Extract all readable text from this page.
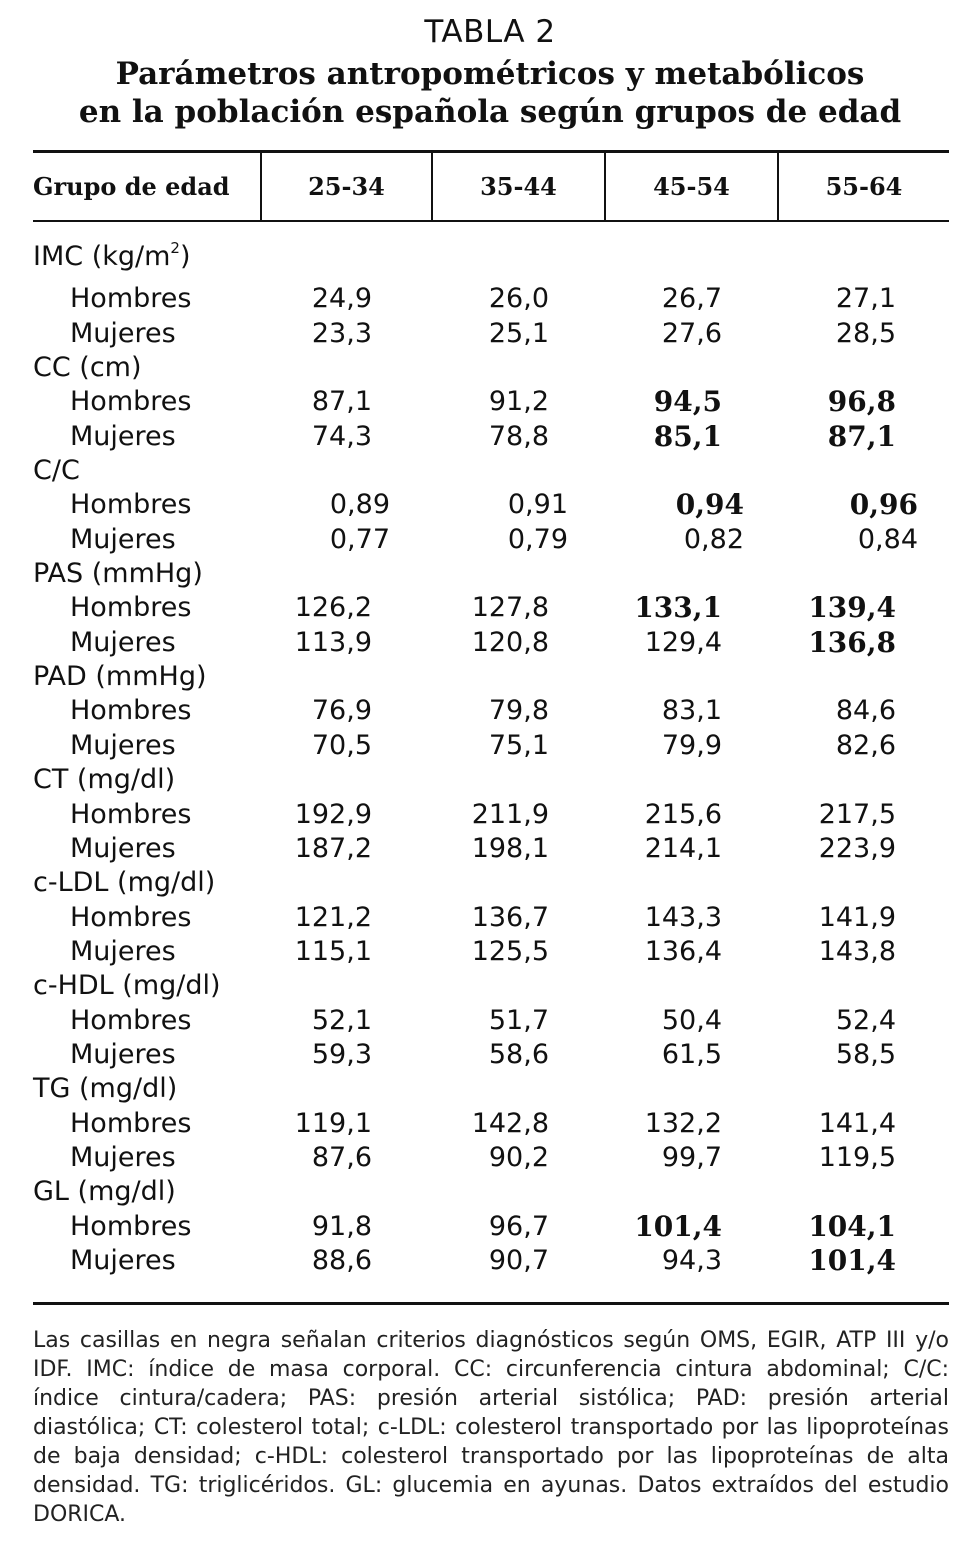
TABLA 2
Parámetros antropométricos y metabólicos
en la población española según grupos de edad
Grupo de edad	25-34	35-44	45-54	55-64
IMC $(kg/m^2)$
Hombres	24,9	26,0	26,7	27,1
Mujeres	23,3	25,1	27,6	28,5
CC (cm)
Hombres	87,1	91,2	94,5	96,8
Mujeres	74,3	78,8	85,1	87,1
C/C
Hombres	0,89	0,91	0,94	0,96
Mujeres	0,77	0,79	0,82	0,84
PAS (mmHg)
Hombres	126,2	127,8	133,1	139,4
Mujeres	113,9	120,8	129,4	136,8
PAD (mmHg)
Hombres	76,9	79,8	83,1	84,6
Mujeres	70,5	75,1	79,9	82,6
CT (mg/dl)
Hombres	192,9	211,9	215,6	217,5
Mujeres	187,2	198,1	214,1	223,9
c-LDL (mg/dl)
Hombres	121,2	136,7	143,3	141,9
Mujeres	115,1	125,5	136,4	143,8
c-HDL (mg/dl)
Hombres	52,1	51,7	50,4	52,4
Mujeres	59,3	58,6	61,5	58,5
TG (mg/dl)
Hombres	119,1	142,8	132,2	141,4
Mujeres	87,6	90,2	99,7	119,5
GL (mg/dl)
Hombres	91,8	96,7	101,4	104,1
Mujeres	88,6	90,7	94,3	101,4
Las casillas en negra señalan criterios diagnósticos según OMS, EGIR, ATP III y/o IDF. IMC: índice de masa corporal. CC: circunferencia cintura abdominal; C/C: índice cintura/cadera; PAS: presión arterial sistólica; PAD: presión arterial diastólica; CT: colesterol total; c-LDL: colesterol transportado por las lipoproteínas de baja densidad; c-HDL: colesterol transportado por las lipoproteínas de alta densidad. TG: triglicéridos. GL: glucemia en ayunas. Datos extraídos del estudio DORICA.
